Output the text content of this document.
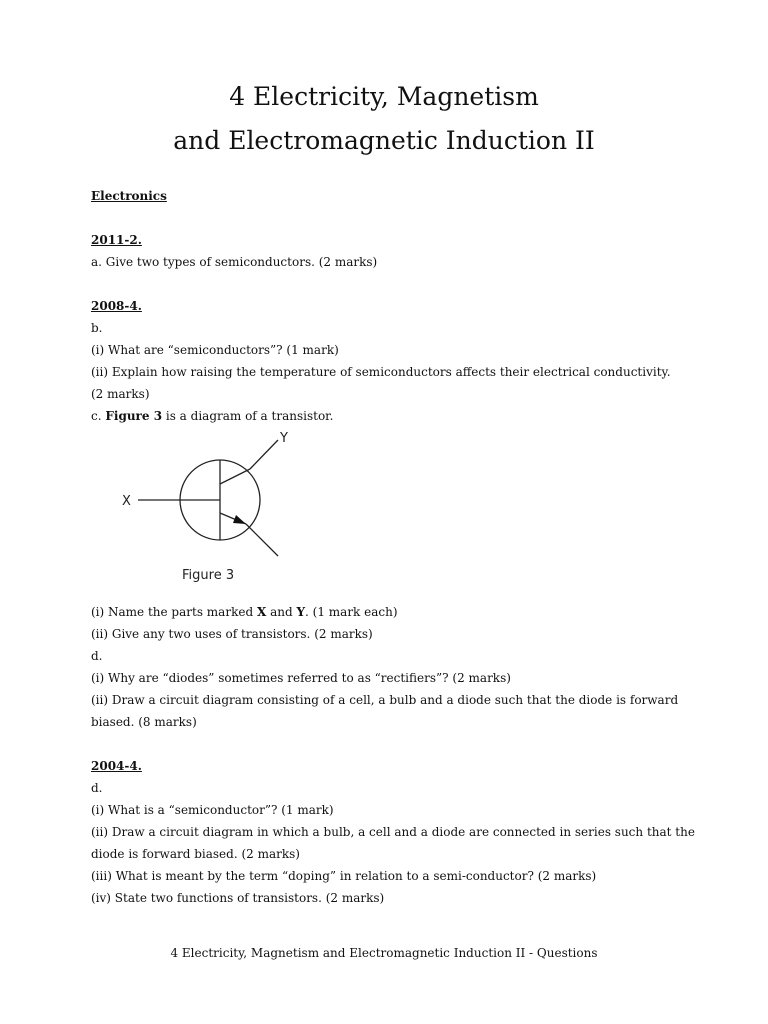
4 Electricity, Magnetism
and Electromagnetic Induction II
Electronics
2011-2.
a. Give two types of semiconductors. (2 marks)
2008-4.
b.
(i) What are “semiconductors”? (1 mark)
(ii) Explain how raising the temperature of semiconductors affects their electrical conductivity.
(2 marks)
c. Figure 3 is a diagram of a transistor.
X
Y
Figure 3
(i) Name the parts marked X and Y. (1 mark each)
(ii) Give any two uses of transistors. (2 marks)
d.
(i) Why are “diodes” sometimes referred to as “rectifiers”? (2 marks)
(ii) Draw a circuit diagram consisting of a cell, a bulb and a diode such that the diode is forward
biased. (8 marks)
2004-4.
d.
(i) What is a “semiconductor”? (1 mark)
(ii) Draw a circuit diagram in which a bulb, a cell and a diode are connected in series such that the
diode is forward biased. (2 marks)
(iii) What is meant by the term “doping” in relation to a semi-conductor? (2 marks)
(iv) State two functions of transistors. (2 marks)
4 Electricity, Magnetism and Electromagnetic Induction II - Questions
